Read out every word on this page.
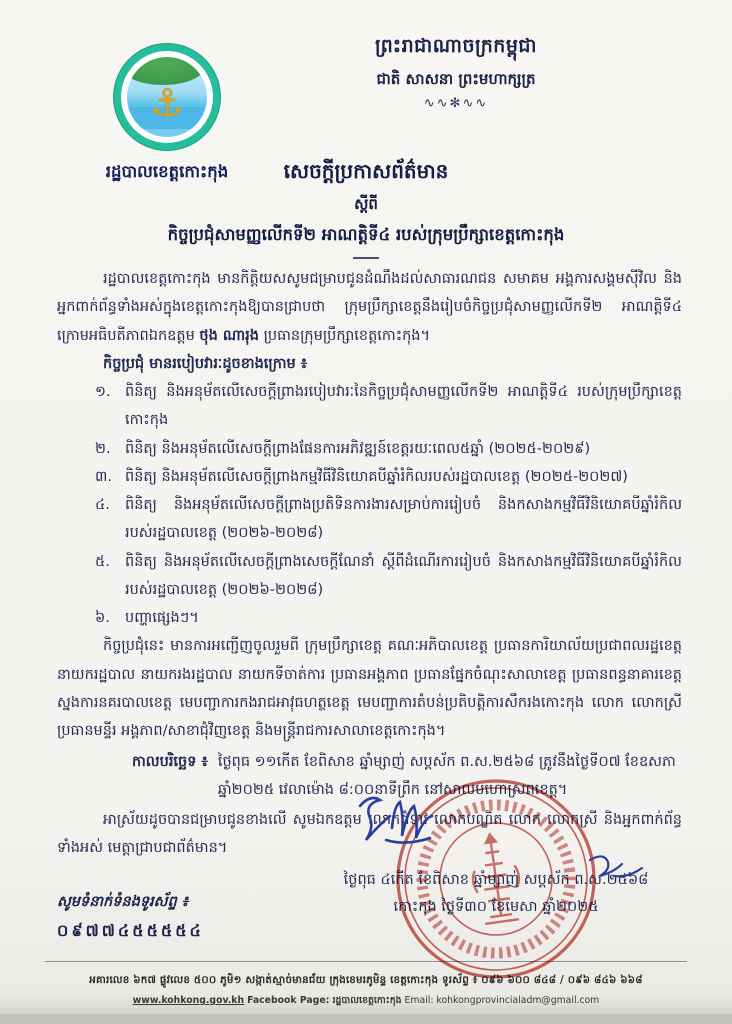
⚓
រដ្ឋបាលខេត្តកោះកុង
ព្រះរាជាណាចក្រកម្ពុជា
ជាតិ សាសនា ព្រះមហាក្សត្រ
∿∿✻∿∿
សេចក្តីប្រកាសព័ត៌មាន
ស្តីពី
កិច្ចប្រជុំសាមញ្ញលើកទី២ អាណត្តិទី៤ របស់ក្រុមប្រឹក្សាខេត្តកោះកុង

រដ្ឋបាលខេត្តកោះកុង មានកិត្តិយសសូមជម្រាបជូនដំណឹងដល់សាធារណជន សមាគម អង្គការសង្គមស៊ីវិល និងអ្នកពាក់ព័ន្ធទាំងអស់ក្នុងខេត្តកោះកុងឱ្យបានជ្រាបថា ក្រុមប្រឹក្សាខេត្តនឹងរៀបចំកិច្ចប្រជុំសាមញ្ញលើកទី២ អាណត្តិទី៤ ក្រោមអធិបតីភាពឯកឧត្តម ថុង ណារុង ប្រធានក្រុមប្រឹក្សាខេត្តកោះកុង។

កិច្ចប្រជុំ មានរបៀបវារៈដូចខាងក្រោម ៖

១. ពិនិត្យ និងអនុម័តលើសេចក្តីព្រាងរបៀបវារៈនៃកិច្ចប្រជុំសាមញ្ញលើកទី២ អាណត្តិទី៤ របស់ក្រុមប្រឹក្សាខេត្តកោះកុង
២. ពិនិត្យ និងអនុម័តលើសេចក្តីព្រាងផែនការអភិវឌ្ឍន៍ខេត្តរយៈពេល៥ឆ្នាំ (២០២៥-២០២៩)
៣. ពិនិត្យ និងអនុម័តលើសេចក្តីព្រាងកម្មវិធីវិនិយោគបីឆ្នាំរំកិលរបស់រដ្ឋបាលខេត្ត (២០២៥-២០២៧)
៤.	ពិនិត្យ និងអនុម័តលើសេចក្តីព្រាងប្រតិទិនការងារសម្រាប់ការរៀបចំ និងកសាងកម្មវិធីវិនិយោគបីឆ្នាំរំកិលរបស់រដ្ឋបាលខេត្ត (២០២៦-២០២៨)
៥.	ពិនិត្យ និងអនុម័តលើសេចក្តីព្រាងសេចក្តីណែនាំ ស្តីពីដំណើរការរៀបចំ និងកសាងកម្មវិធីវិនិយោគបីឆ្នាំរំកិលរបស់រដ្ឋបាលខេត្ត (២០២៦-២០២៨)
៦.	បញ្ហាផ្សេងៗ។

កិច្ចប្រជុំនេះ មានការអញ្ជើញចូលរួមពី ក្រុមប្រឹក្សាខេត្ត គណៈអភិបាលខេត្ត ប្រធានការិយាល័យប្រជាពលរដ្ឋខេត្ត នាយករដ្ឋបាល នាយករងរដ្ឋបាល នាយកទីចាត់ការ ប្រធានអង្គភាព ប្រធានផ្នែកចំណុះសាលាខេត្ត ប្រធានពន្ធនាគារខេត្ត ស្នងការនគរបាលខេត្ត មេបញ្ជាការកងរាជអាវុធហត្ថខេត្ត មេបញ្ជាការតំបន់ប្រតិបត្តិការសឹករងកោះកុង លោក លោកស្រីប្រធានមន្ទីរ អង្គភាព/សាខាជុំវិញខេត្ត និងមន្ត្រីរាជការសាលាខេត្តកោះកុង។

កាលបរិច្ឆេទ ៖ ថ្ងៃពុធ ១១កើត ខែពិសាខ ឆ្នាំម្សាញ់ សប្តស័ក ព.ស.២៥៦៨ ត្រូវនឹងថ្ងៃទី០៧ ខែឧសភា ឆ្នាំ២០២៥ វេលាម៉ោង ៨:០០នាទីព្រឹក នៅសាលមហោស្រពខេត្ត។

អាស្រ័យដូចបានជម្រាបជូនខាងលើ សូមឯកឧត្តម លោកជំទាវ លោកបណ្ឌិត លោក លោកស្រី និងអ្នកពាក់ព័ន្ធទាំងអស់ មេត្តាជ្រាបជាព័ត៌មាន។

ថ្ងៃពុធ ៤កើត ខែពិសាខ ឆ្នាំម្សាញ់ សប្តស័ក ព.ស.២៥៦៨
កោះកុង ថ្ងៃទី៣០ ខែមេសា ឆ្នាំ២០២៥
សូមទំនាក់ទំនងទូរស័ព្ទ ៖
០៩៧៧៤៥៥៥៥៤
អគារលេខ ៦ក៧ ផ្លូវលេខ ៥០០ ភូមិ១ សង្កាត់ស្មាច់មានជ័យ ក្រុងខេមរភូមិន្ទ ខេត្តកោះកុង ទូរស័ព្ទ ៖ ០៩៦ ៦០០ ៨៤៨ / ០៩៦ ៨៤៦ ៦៦៨
www.kohkong.gov.kh Facebook Page: រដ្ឋបាលខេត្តកោះកុង Email: kohkongprovincialadm@gmail.com
